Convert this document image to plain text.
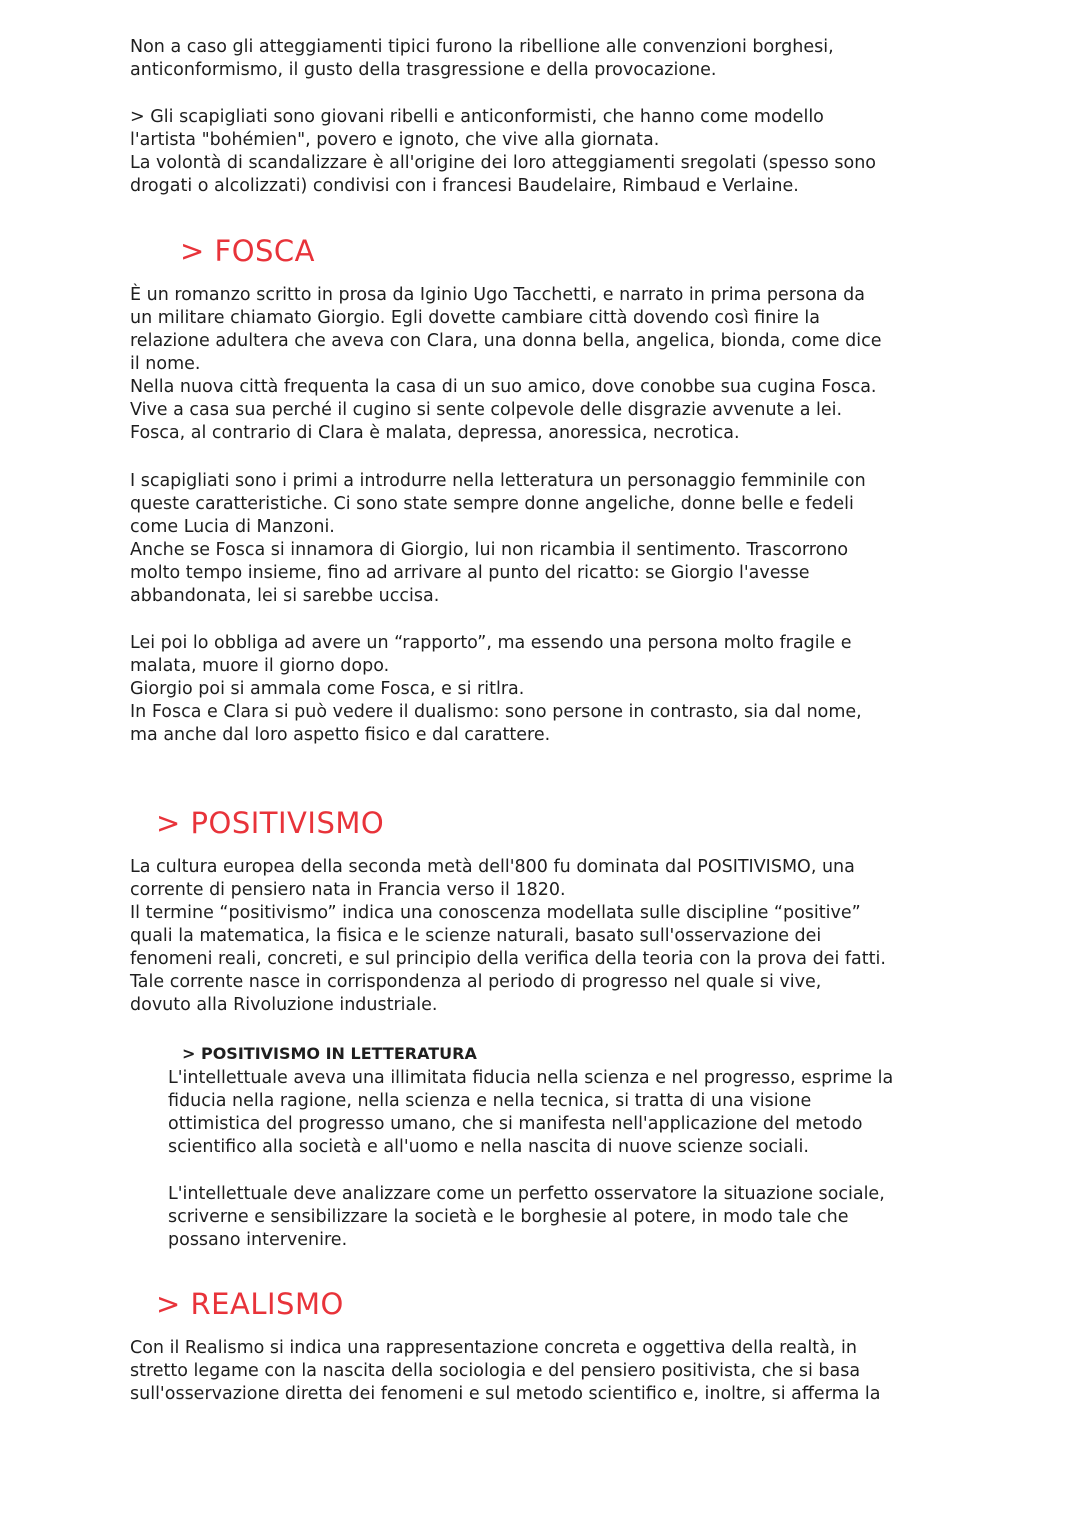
Non a caso gli atteggiamenti tipici furono la ribellione alle convenzioni borghesi,
anticonformismo, il gusto della trasgressione e della provocazione.
> Gli scapigliati sono giovani ribelli e anticonformisti, che hanno come modello
l'artista "bohémien", povero e ignoto, che vive alla giornata.
La volontà di scandalizzare è all'origine dei loro atteggiamenti sregolati (spesso sono
drogati o alcolizzati) condivisi con i francesi Baudelaire, Rimbaud e Verlaine.
> FOSCA
È un romanzo scritto in prosa da Iginio Ugo Tacchetti, e narrato in prima persona da
un militare chiamato Giorgio. Egli dovette cambiare città dovendo così finire la
relazione adultera che aveva con Clara, una donna bella, angelica, bionda, come dice
il nome.
Nella nuova città frequenta la casa di un suo amico, dove conobbe sua cugina Fosca.
Vive a casa sua perché il cugino si sente colpevole delle disgrazie avvenute a lei.
Fosca, al contrario di Clara è malata, depressa, anoressica, necrotica.
I scapigliati sono i primi a introdurre nella letteratura un personaggio femminile con
queste caratteristiche. Ci sono state sempre donne angeliche, donne belle e fedeli
come Lucia di Manzoni.
Anche se Fosca si innamora di Giorgio, lui non ricambia il sentimento. Trascorrono
molto tempo insieme, fino ad arrivare al punto del ricatto: se Giorgio l'avesse
abbandonata, lei si sarebbe uccisa.
Lei poi lo obbliga ad avere un “rapporto”, ma essendo una persona molto fragile e
malata, muore il giorno dopo.
Giorgio poi si ammala come Fosca, e si ritlra.
In Fosca e Clara si può vedere il dualismo: sono persone in contrasto, sia dal nome,
ma anche dal loro aspetto fisico e dal carattere.
> POSITIVISMO
La cultura europea della seconda metà dell'800 fu dominata dal POSITIVISMO, una
corrente di pensiero nata in Francia verso il 1820.
Il termine “positivismo” indica una conoscenza modellata sulle discipline “positive”
quali la matematica, la fisica e le scienze naturali, basato sull'osservazione dei
fenomeni reali, concreti, e sul principio della verifica della teoria con la prova dei fatti.
Tale corrente nasce in corrispondenza al periodo di progresso nel quale si vive,
dovuto alla Rivoluzione industriale.
> POSITIVISMO IN LETTERATURA
L'intellettuale aveva una illimitata fiducia nella scienza e nel progresso, esprime la
fiducia nella ragione, nella scienza e nella tecnica, si tratta di una visione
ottimistica del progresso umano, che si manifesta nell'applicazione del metodo
scientifico alla società e all'uomo e nella nascita di nuove scienze sociali.
L'intellettuale deve analizzare come un perfetto osservatore la situazione sociale,
scriverne e sensibilizzare la società e le borghesie al potere, in modo tale che
possano intervenire.
> REALISMO
Con il Realismo si indica una rappresentazione concreta e oggettiva della realtà, in
stretto legame con la nascita della sociologia e del pensiero positivista, che si basa
sull'osservazione diretta dei fenomeni e sul metodo scientifico e, inoltre, si afferma la
